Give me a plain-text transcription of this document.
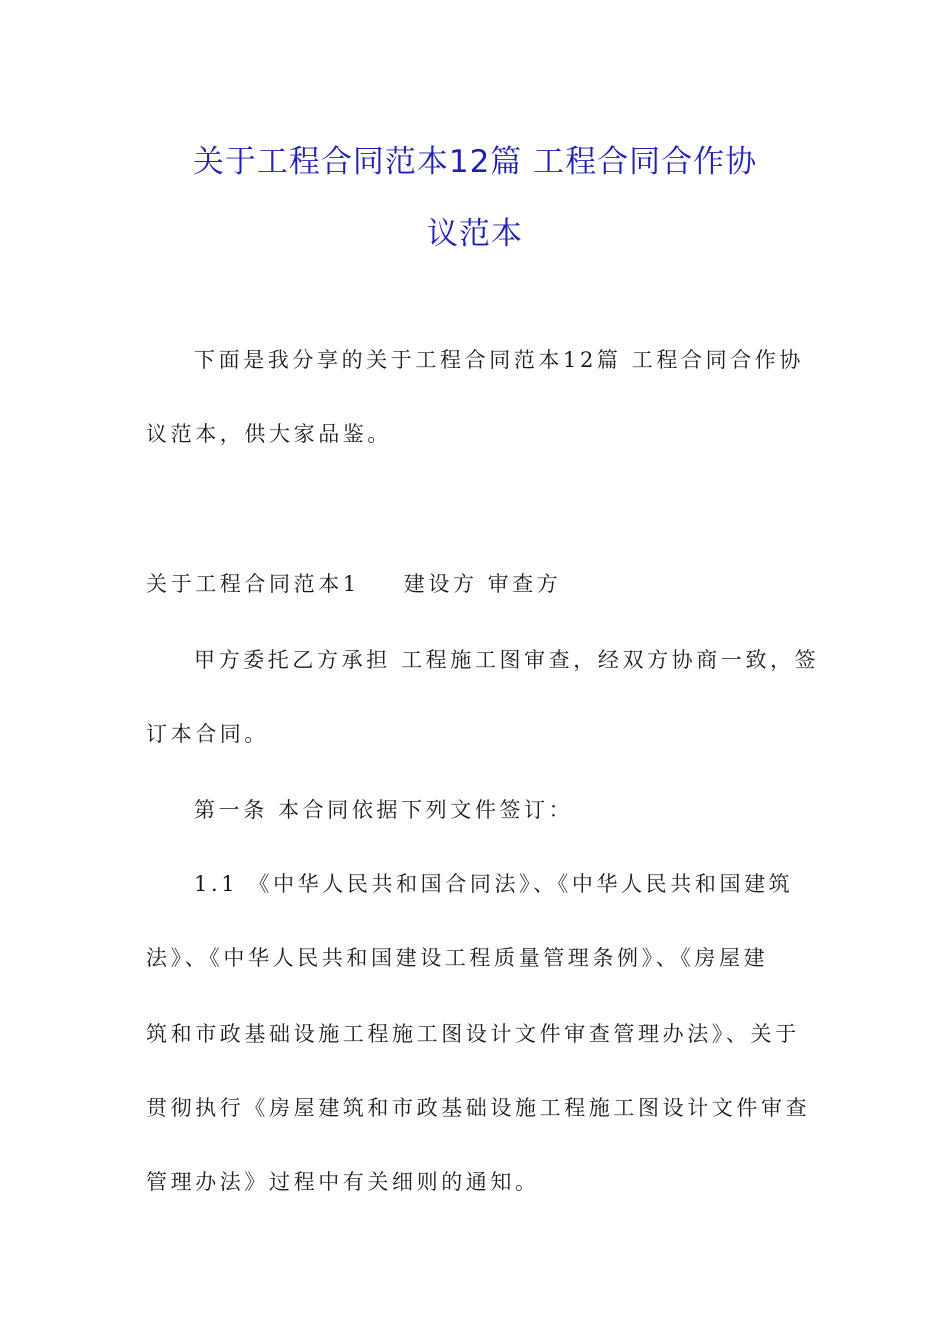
关于工程合同范本12篇 工程合同合作协
议范本
下面是我分享的关于工程合同范本12篇 工程合同合作协
议范本，供大家品鉴。
关于工程合同范本1 建设方 审查方
甲方委托乙方承担 工程施工图审查，经双方协商一致，签
订本合同。
第一条 本合同依据下列文件签订：
1.1 《中华人民共和国合同法》、《中华人民共和国建筑
法》、《中华人民共和国建设工程质量管理条例》、《房屋建
筑和市政基础设施工程施工图设计文件审查管理办法》、关于
贯彻执行《房屋建筑和市政基础设施工程施工图设计文件审查
管理办法》过程中有关细则的通知。
